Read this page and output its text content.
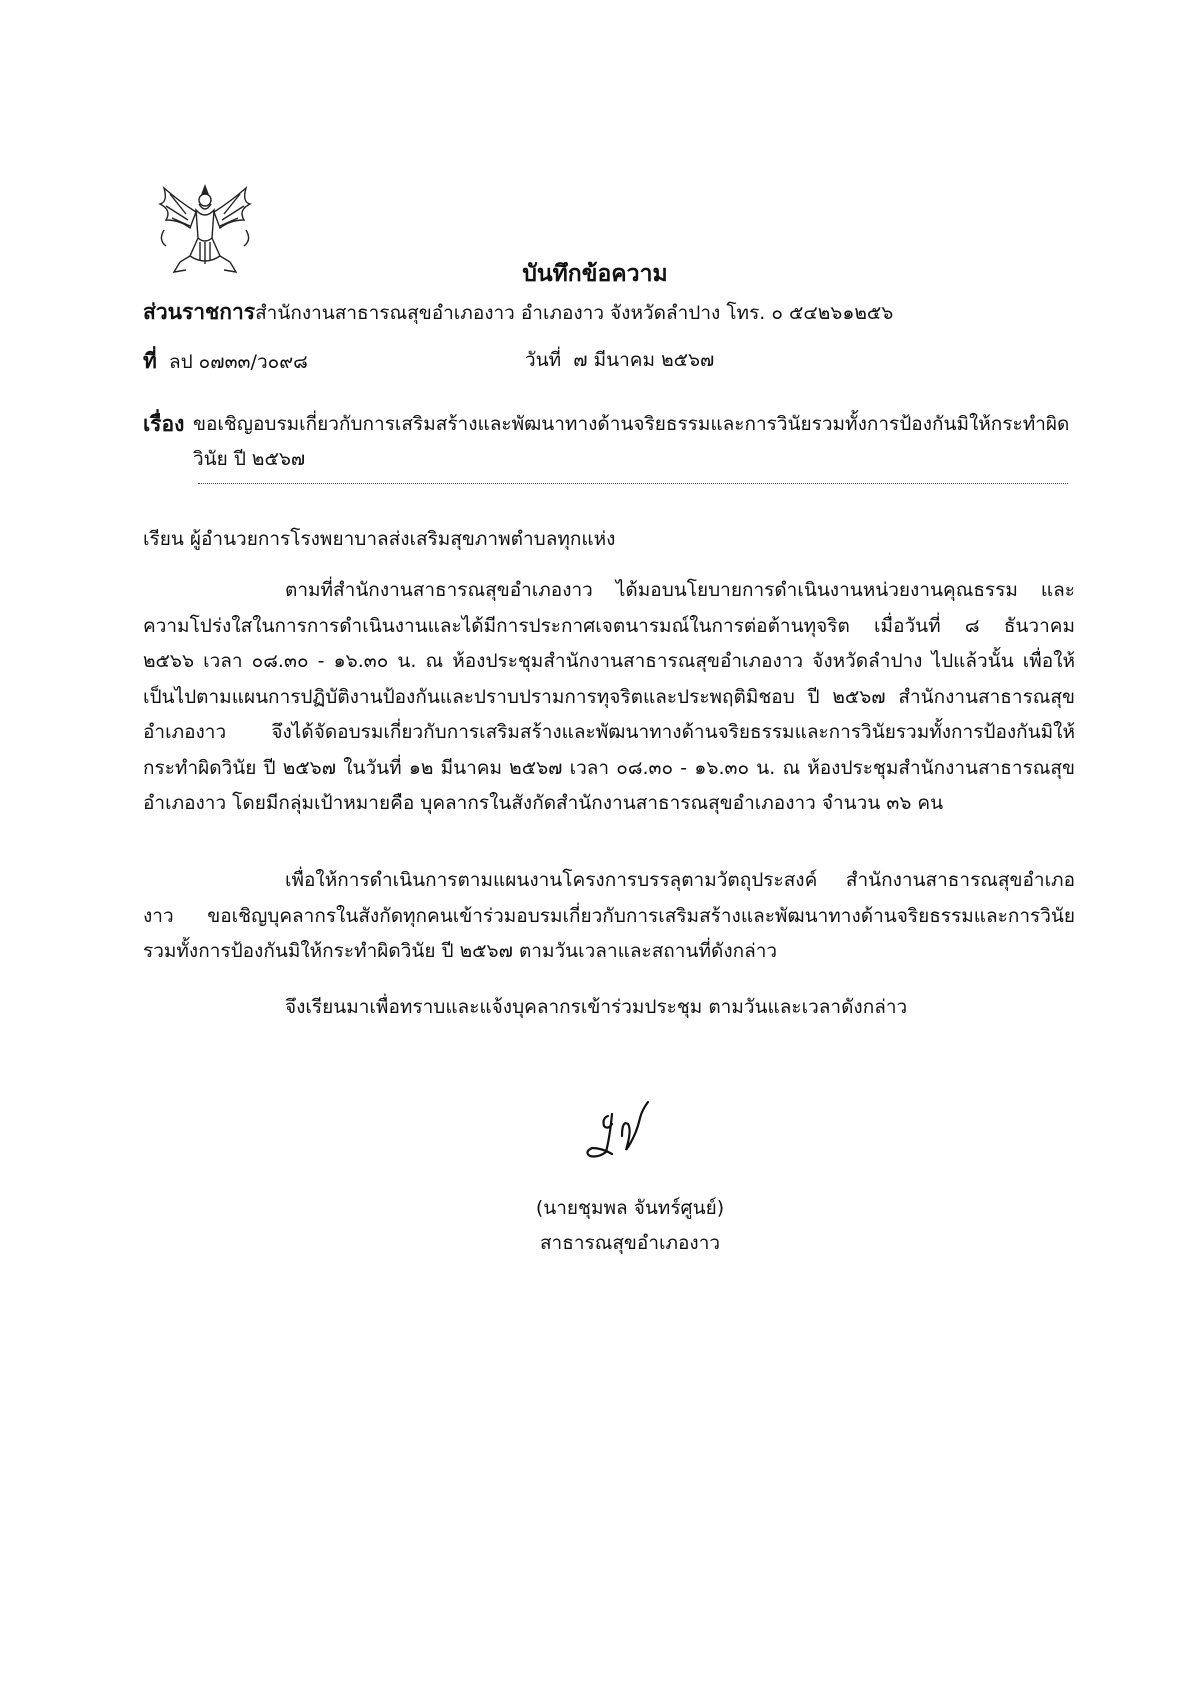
บันทึกข้อความ
ส่วนราชการสำนักงานสาธารณสุขอำเภองาว อำเภองาว จังหวัดลำปาง โทร. ๐ ๕๔๒๖๑๒๕๖
ที่ ลป ๐๗๓๓/ว๐๙๘	วันที่ ๗ มีนาคม ๒๕๖๗
เรื่อง ขอเชิญอบรมเกี่ยวกับการเสริมสร้างและพัฒนาทางด้านจริยธรรมและการวินัยรวมทั้งการป้องกันมิให้กระทำผิดวินัย ปี ๒๕๖๗
เรียน ผู้อำนวยการโรงพยาบาลส่งเสริมสุขภาพตำบลทุกแห่ง
ตามที่สำนักงานสาธารณสุขอำเภองาว ได้มอบนโยบายการดำเนินงานหน่วยงานคุณธรรม และความโปร่งใสในการการดำเนินงานและได้มีการประกาศเจตนารมณ์ในการต่อต้านทุจริต เมื่อวันที่ ๘ ธันวาคม ๒๕๖๖ เวลา ๐๘.๓๐ - ๑๖.๓๐ น. ณ ห้องประชุมสำนักงานสาธารณสุขอำเภองาว จังหวัดลำปาง ไปแล้วนั้น เพื่อให้เป็นไปตามแผนการปฏิบัติงานป้องกันและปราบปรามการทุจริตและประพฤติมิชอบ ปี ๒๕๖๗ สำนักงานสาธารณสุขอำเภองาว จึงได้จัดอบรมเกี่ยวกับการเสริมสร้างและพัฒนาทางด้านจริยธรรมและการวินัยรวมทั้งการป้องกันมิให้กระทำผิดวินัย ปี ๒๕๖๗ ในวันที่ ๑๒ มีนาคม ๒๕๖๗ เวลา ๐๘.๓๐ - ๑๖.๓๐ น. ณ ห้องประชุมสำนักงานสาธารณสุขอำเภองาว โดยมีกลุ่มเป้าหมายคือ บุคลากรในสังกัดสำนักงานสาธารณสุขอำเภองาว จำนวน ๓๖ คน
เพื่อให้การดำเนินการตามแผนงานโครงการบรรลุตามวัตถุประสงค์ สำนักงานสาธารณสุขอำเภองาว ขอเชิญบุคลากรในสังกัดทุกคนเข้าร่วมอบรมเกี่ยวกับการเสริมสร้างและพัฒนาทางด้านจริยธรรมและการวินัยรวมทั้งการป้องกันมิให้กระทำผิดวินัย ปี ๒๕๖๗ ตามวันเวลาและสถานที่ดังกล่าว
จึงเรียนมาเพื่อทราบและแจ้งบุคลากรเข้าร่วมประชุม ตามวันและเวลาดังกล่าว
(นายชุมพล จันทร์ศูนย์)
สาธารณสุขอำเภองาว
